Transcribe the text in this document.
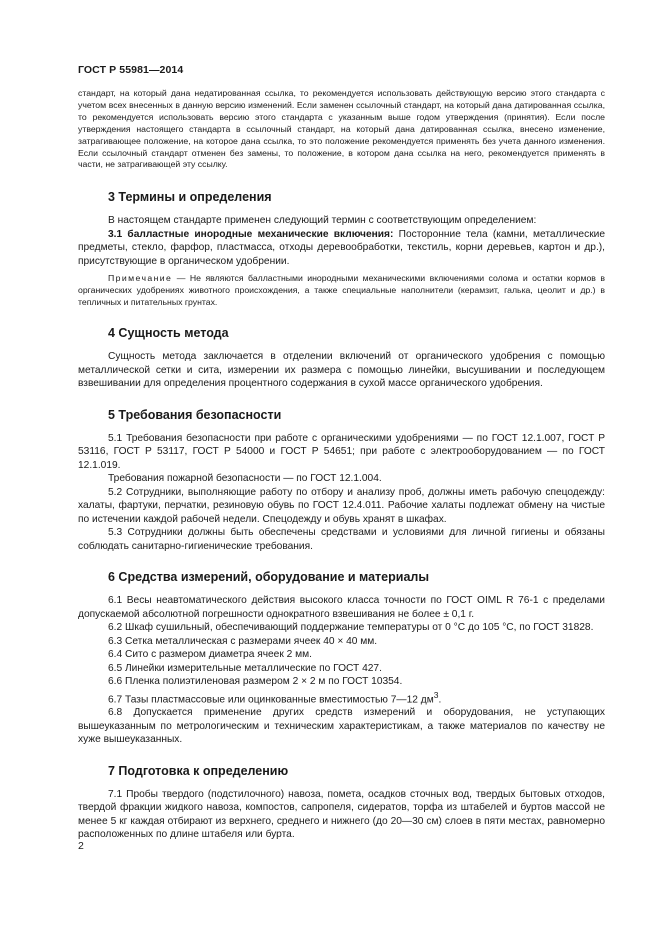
ГОСТ Р 55981—2014

стандарт, на который дана недатированная ссылка, то рекомендуется использовать действующую версию этого стандарта с учетом всех внесенных в данную версию изменений. Если заменен ссылочный стандарт, на который дана датированная ссылка, то рекомендуется использовать версию этого стандарта с указанным выше годом утверждения (принятия). Если после утверждения настоящего стандарта в ссылочный стандарт, на который дана датированная ссылка, внесено изменение, затрагивающее положение, на которое дана ссылка, то это положение рекомендуется применять без учета данного изменения. Если ссылочный стандарт отменен без замены, то положение, в котором дана ссылка на него, рекомендуется применять в части, не затрагивающей эту ссылку.

3 Термины и определения

В настоящем стандарте применен следующий термин с соответствующим определением:

3.1 балластные инородные механические включения: Посторонние тела (камни, металлические предметы, стекло, фарфор, пластмасса, отходы деревообработки, текстиль, корни деревьев, картон и др.), присутствующие в органическом удобрении.

Примечание — Не являются балластными инородными механическими включениями солома и остатки кормов в органических удобрениях животного происхождения, а также специальные наполнители (керамзит, галька, цеолит и др.) в тепличных и питательных грунтах.

4 Сущность метода

Сущность метода заключается в отделении включений от органического удобрения с помощью металлической сетки и сита, измерении их размера с помощью линейки, высушивании и последующем взвешивании для определения процентного содержания в сухой массе органического удобрения.

5 Требования безопасности

5.1 Требования безопасности при работе с органическими удобрениями — по ГОСТ 12.1.007, ГОСТ Р 53116, ГОСТ Р 53117, ГОСТ Р 54000 и ГОСТ Р 54651; при работе с электрооборудованием — по ГОСТ 12.1.019.

Требования пожарной безопасности — по ГОСТ 12.1.004.

5.2 Сотрудники, выполняющие работу по отбору и анализу проб, должны иметь рабочую спецодежду: халаты, фартуки, перчатки, резиновую обувь по ГОСТ 12.4.011. Рабочие халаты подлежат обмену на чистые по истечении каждой рабочей недели. Спецодежду и обувь хранят в шкафах.

5.3 Сотрудники должны быть обеспечены средствами и условиями для личной гигиены и обязаны соблюдать санитарно-гигиенические требования.

6 Средства измерений, оборудование и материалы

6.1 Весы неавтоматического действия высокого класса точности по ГОСТ OIML R 76-1 с пределами допускаемой абсолютной погрешности однократного взвешивания не более ± 0,1 г.

6.2 Шкаф сушильный, обеспечивающий поддержание температуры от 0 °С до 105 °С, по ГОСТ 31828.

6.3 Сетка металлическая с размерами ячеек 40 × 40 мм.

6.4 Сито с размером диаметра ячеек 2 мм.

6.5 Линейки измерительные металлические по ГОСТ 427.

6.6 Пленка полиэтиленовая размером 2 × 2 м по ГОСТ 10354.

6.7 Тазы пластмассовые или оцинкованные вместимостью 7—12 $дм^3$.

6.8 Допускается применение других средств измерений и оборудования, не уступающих вышеуказанным по метрологическим и техническим характеристикам, а также материалов по качеству не хуже вышеуказанных.

7 Подготовка к определению

7.1 Пробы твердого (подстилочного) навоза, помета, осадков сточных вод, твердых бытовых отходов, твердой фракции жидкого навоза, компостов, сапропеля, сидератов, торфа из штабелей и буртов массой не менее 5 кг каждая отбирают из верхнего, среднего и нижнего (до 20—30 см) слоев в пяти местах, равномерно расположенных по длине штабеля или бурта.

2
